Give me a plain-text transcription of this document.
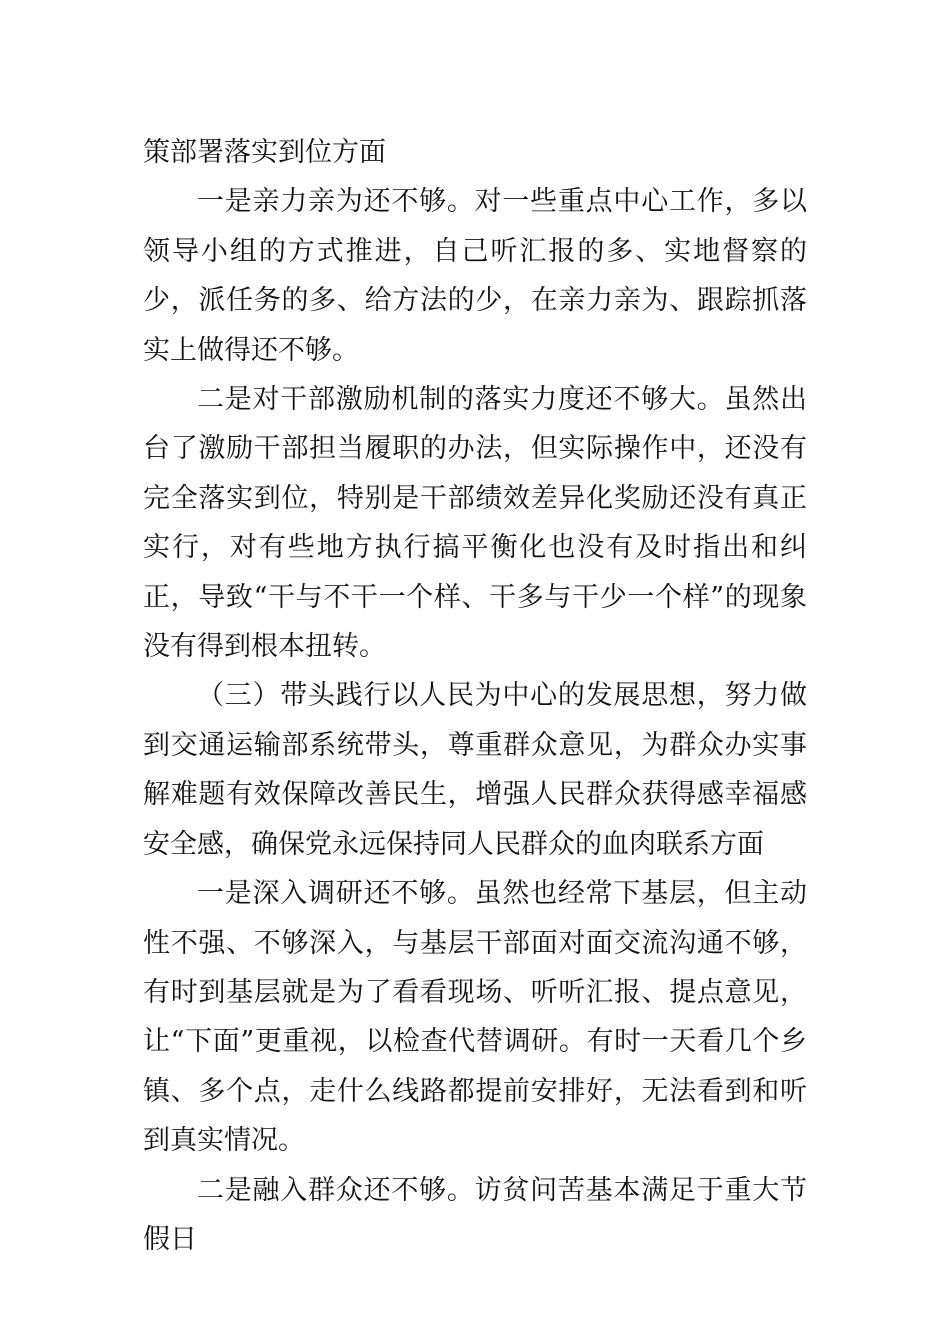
策部署落实到位方面

一是亲力亲为还不够。对一些重点中心工作，多以领导小组的方式推进，自己听汇报的多、实地督察的少，派任务的多、给方法的少，在亲力亲为、跟踪抓落实上做得还不够。

二是对干部激励机制的落实力度还不够大。虽然出台了激励干部担当履职的办法，但实际操作中，还没有完全落实到位，特别是干部绩效差异化奖励还没有真正实行，对有些地方执行搞平衡化也没有及时指出和纠正，导致“干与不干一个样、干多与干少一个样”的现象没有得到根本扭转。

（三）带头践行以人民为中心的发展思想，努力做到交通运输部系统带头，尊重群众意见，为群众办实事解难题有效保障改善民生，增强人民群众获得感幸福感安全感，确保党永远保持同人民群众的血肉联系方面

一是深入调研还不够。虽然也经常下基层，但主动性不强、不够深入，与基层干部面对面交流沟通不够，有时到基层就是为了看看现场、听听汇报、提点意见，让“下面”更重视，以检查代替调研。有时一天看几个乡镇、多个点，走什么线路都提前安排好，无法看到和听到真实情况。

二是融入群众还不够。访贫问苦基本满足于重大节假日
